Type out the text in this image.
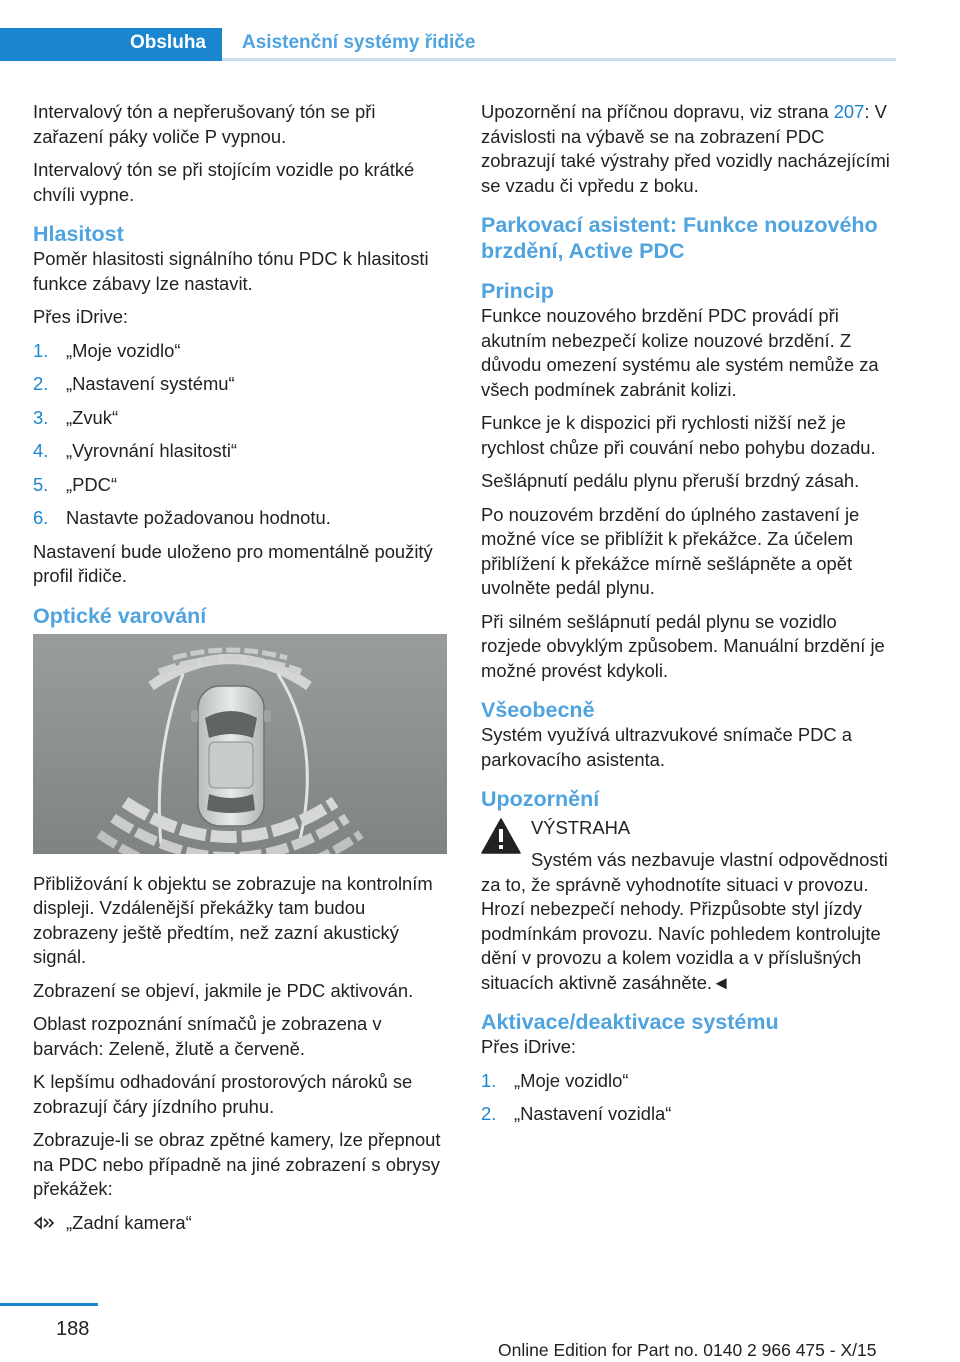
Obsluha	Asistenční systémy řidiče

Intervalový tón a nepřerušovaný tón se při zařazení páky voliče P vypnou.

Intervalový tón se při stojícím vozidle po krátké chvíli vypne.

Hlasitost

Poměr hlasitosti signálního tónu PDC k hlasitosti funkce zábavy lze nastavit.

Přes iDrive:

1. „Moje vozidlo“
2. „Nastavení systému“
3. „Zvuk“
4. „Vyrovnání hlasitosti“
5. „PDC“
6. Nastavte požadovanou hodnotu.

Nastavení bude uloženo pro momentálně použitý profil řidiče.

Optické varování

Přibližování k objektu se zobrazuje na kontrolním displeji. Vzdálenější překážky tam budou zobrazeny ještě předtím, než zazní akustický signál.

Zobrazení se objeví, jakmile je PDC aktivován.

Oblast rozpoznání snímačů je zobrazena v barvách: Zeleně, žlutě a červeně.

K lepšímu odhadování prostorových nároků se zobrazují čáry jízdního pruhu.

Zobrazuje-li se obraz zpětné kamery, lze přepnout na PDC nebo případně na jiné zobrazení s obrysy překážek:

„Zadní kamera“

Upozornění na příčnou dopravu, viz strana 207: V závislosti na výbavě se na zobrazení PDC zobrazují také výstrahy před vozidly nacházejícími se vzadu či vpředu z boku.

Parkovací asistent: Funkce nouzového brzdění, Active PDC
Princip

Funkce nouzového brzdění PDC provádí při akutním nebezpečí kolize nouzové brzdění. Z důvodu omezení systému ale systém nemůže za všech podmínek zabránit kolizi.

Funkce je k dispozici při rychlosti nižší než je rychlost chůze při couvání nebo pohybu dozadu.

Sešlápnutí pedálu plynu přeruší brzdný zásah.

Po nouzovém brzdění do úplného zastavení je možné více se přiblížit k překážce. Za účelem přiblížení k překážce mírně sešlápněte a opět uvolněte pedál plynu.

Při silném sešlápnutí pedál plynu se vozidlo rozjede obvyklým způsobem. Manuální brzdění je možné provést kdykoli.

Všeobecně

Systém využívá ultrazvukové snímače PDC a parkovacího asistenta.

Upozornění

VÝSTRAHA

Systém vás nezbavuje vlastní odpovědnosti za to, že správně vyhodnotíte situaci v provozu. Hrozí nebezpečí nehody. Přizpůsobte styl jízdy podmínkám provozu. Navíc pohledem kontrolujte dění v provozu a kolem vozidla a v příslušných situacích aktivně zasáhněte.◄

Aktivace/deaktivace systému

Přes iDrive:

1. „Moje vozidlo“
2. „Nastavení vozidla“
188
Online Edition for Part no. 0140 2 966 475 - X/15
